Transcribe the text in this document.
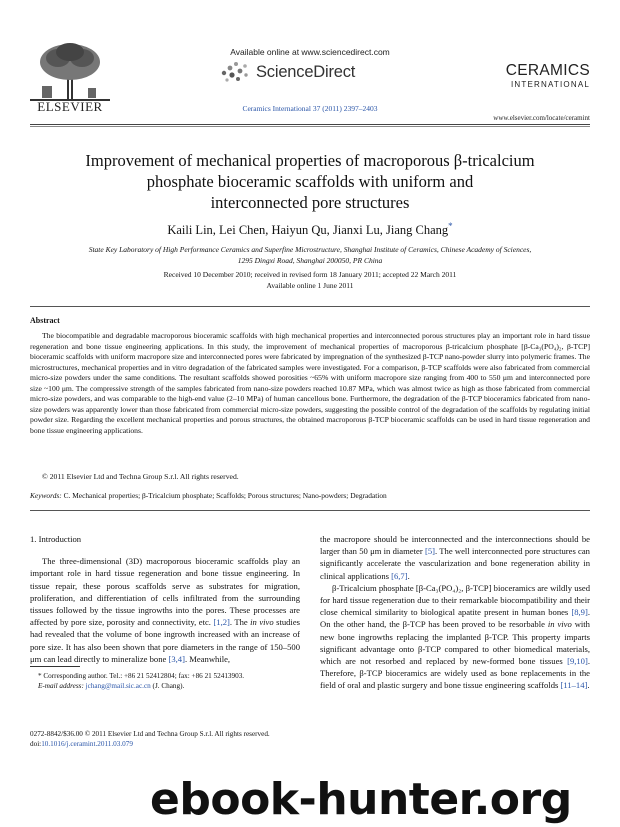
ELSEVIER
Available online at www.sciencedirect.com
ScienceDirect
Ceramics International 37 (2011) 2397–2403
CERAMICS
INTERNATIONAL
www.elsevier.com/locate/ceramint
Improvement of mechanical properties of macroporous β-tricalcium
phosphate bioceramic scaffolds with uniform and
interconnected pore structures
Kaili Lin, Lei Chen, Haiyun Qu, Jianxi Lu, Jiang Chang*
State Key Laboratory of High Performance Ceramics and Superfine Microstructure, Shanghai Institute of Ceramics, Chinese Academy of Sciences,
1295 Dingxi Road, Shanghai 200050, PR China
Received 10 December 2010; received in revised form 18 January 2011; accepted 22 March 2011
Available online 1 June 2011
Abstract
The biocompatible and degradable macroporous bioceramic scaffolds with high mechanical properties and interconnected porous structures play an important role in hard tissue regeneration and bone tissue engineering applications. In this study, the improvement of mechanical properties of macroporous β-tricalcium phosphate [β-Ca₃(PO₄)₂, β-TCP] bioceramic scaffolds with uniform macropore size and interconnected pores were fabricated by impregnation of the synthesized β-TCP nano-powder slurry into polymeric frames. The microstructures, mechanical properties and in vitro degradation of the fabricated samples were investigated. For a comparison, β-TCP scaffolds were also fabricated from commercial micro-size powders under the same conditions. The resultant scaffolds showed porosities ~65% with uniform macropore size ranging from 400 to 550 μm and interconnected pore size ~100 μm. The compressive strength of the samples fabricated from nano-size powders reached 10.87 MPa, which was almost twice as high as those fabricated from commercial micro-size powders, and was comparable to the high-end value (2–10 MPa) of human cancellous bone. Furthermore, the degradation of the β-TCP bioceramics fabricated from nano-size powders was apparently lower than those fabricated from commercial micro-size powders, suggesting the possible control of the degradation of the scaffolds by regulating initial powder size. Regarding the excellent mechanical properties and porous structures, the obtained macroporous β-TCP bioceramic scaffolds can be used in hard tissue regeneration and bone tissue engineering applications.
© 2011 Elsevier Ltd and Techna Group S.r.l. All rights reserved.
Keywords: C. Mechanical properties; β-Tricalcium phosphate; Scaffolds; Porous structures; Nano-powders; Degradation
1. Introduction

The three-dimensional (3D) macroporous bioceramic scaffolds play an important role in hard tissue regeneration and bone tissue engineering. In tissue repair, these porous scaffolds serve as substrates for migration, proliferation, and differentiation of cells infiltrated from the surrounding tissues followed by the tissue ingrowths into the pores. These processes are affected by pore size, porosity and connectivity, etc. [1,2]. The in vivo studies had revealed that the volume of bone ingrowth increased with an increase of pore size. It has also been shown that pore diameters in the range of 150–500 μm can lead directly to mineralize bone [3,4]. Meanwhile,

* Corresponding author. Tel.: +86 21 52412804; fax: +86 21 52413903.
E-mail address: jchang@mail.sic.ac.cn (J. Chang).
0272-8842/$36.00 © 2011 Elsevier Ltd and Techna Group S.r.l. All rights reserved.
doi:10.1016/j.ceramint.2011.03.079

the macropore should be interconnected and the interconnections should be larger than 50 μm in diameter [5]. The well interconnected pore structures can significantly accelerate the vascularization and bone regeneration ability in clinical applications [6,7].

β-Tricalcium phosphate [β-Ca₃(PO₄)₂, β-TCP] bioceramics are wildly used for hard tissue regeneration due to their remarkable biocompatibility and their close chemical similarity to biological apatite present in human bones [8,9]. On the other hand, the β-TCP has been proved to be resorbable in vivo with new bone ingrowths replacing the implanted β-TCP. This property imparts significant advantage onto β-TCP compared to other biomedical materials, which are not resorbed and replaced by new-formed bone tissues [9,10]. Therefore, β-TCP bioceramics are widely used as bone replacements in the field of oral and plastic surgery and bone tissue engineering scaffolds [11–14].

ebook-hunter.org
